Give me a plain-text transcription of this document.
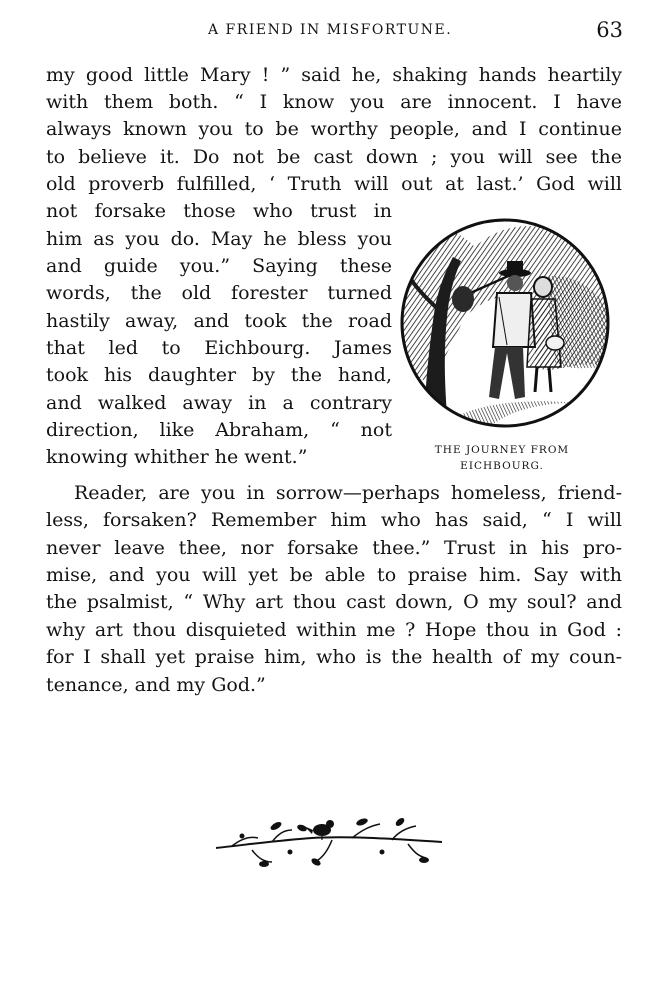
A FRIEND IN MISFORTUNE.	63
my good little Mary ! ” said he, shaking hands heartily
with them both. “ I know you are innocent. I have
always known you to be worthy people, and I continue
to believe it. Do not be cast down ; you will see the
old proverb fulfilled, ‘ Truth will out at last.’ God will
not forsake those who trust in
him as you do. May he bless you
and guide you.” Saying these
words, the old forester turned
hastily away, and took the road
that led to Eichbourg. James
took his daughter by the hand,
and walked away in a contrary
direction, like Abraham, “ not
knowing whither he went.”
Reader, are you in sorrow—perhaps homeless, friend-
less, forsaken? Remember him who has said, “ I will
never leave thee, nor forsake thee.” Trust in his pro-
mise, and you will yet be able to praise him. Say with
the psalmist, “ Why art thou cast down, O my soul? and
why art thou disquieted within me ? Hope thou in God :
for I shall yet praise him, who is the health of my coun-
tenance, and my God.”
THE JOURNEY FROM
EICHBOURG.
